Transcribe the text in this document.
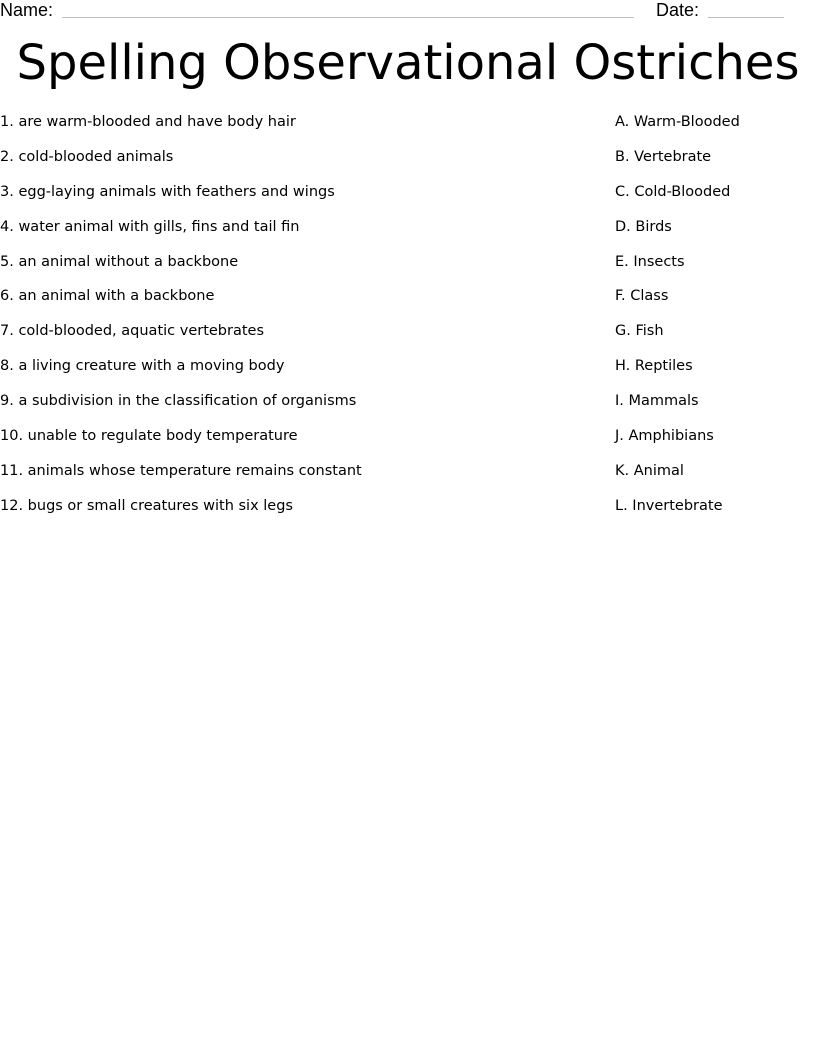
Name:	Date:
Spelling Observational Ostriches
1. are warm-blooded and have body hair
2. cold-blooded animals
3. egg-laying animals with feathers and wings
4. water animal with gills, fins and tail fin
5. an animal without a backbone
6. an animal with a backbone
7. cold-blooded, aquatic vertebrates
8. a living creature with a moving body
9. a subdivision in the classification of organisms
10. unable to regulate body temperature
11. animals whose temperature remains constant
12. bugs or small creatures with six legs
A. Warm-Blooded
B. Vertebrate
C. Cold-Blooded
D. Birds
E. Insects
F. Class
G. Fish
H. Reptiles
I. Mammals
J. Amphibians
K. Animal
L. Invertebrate
